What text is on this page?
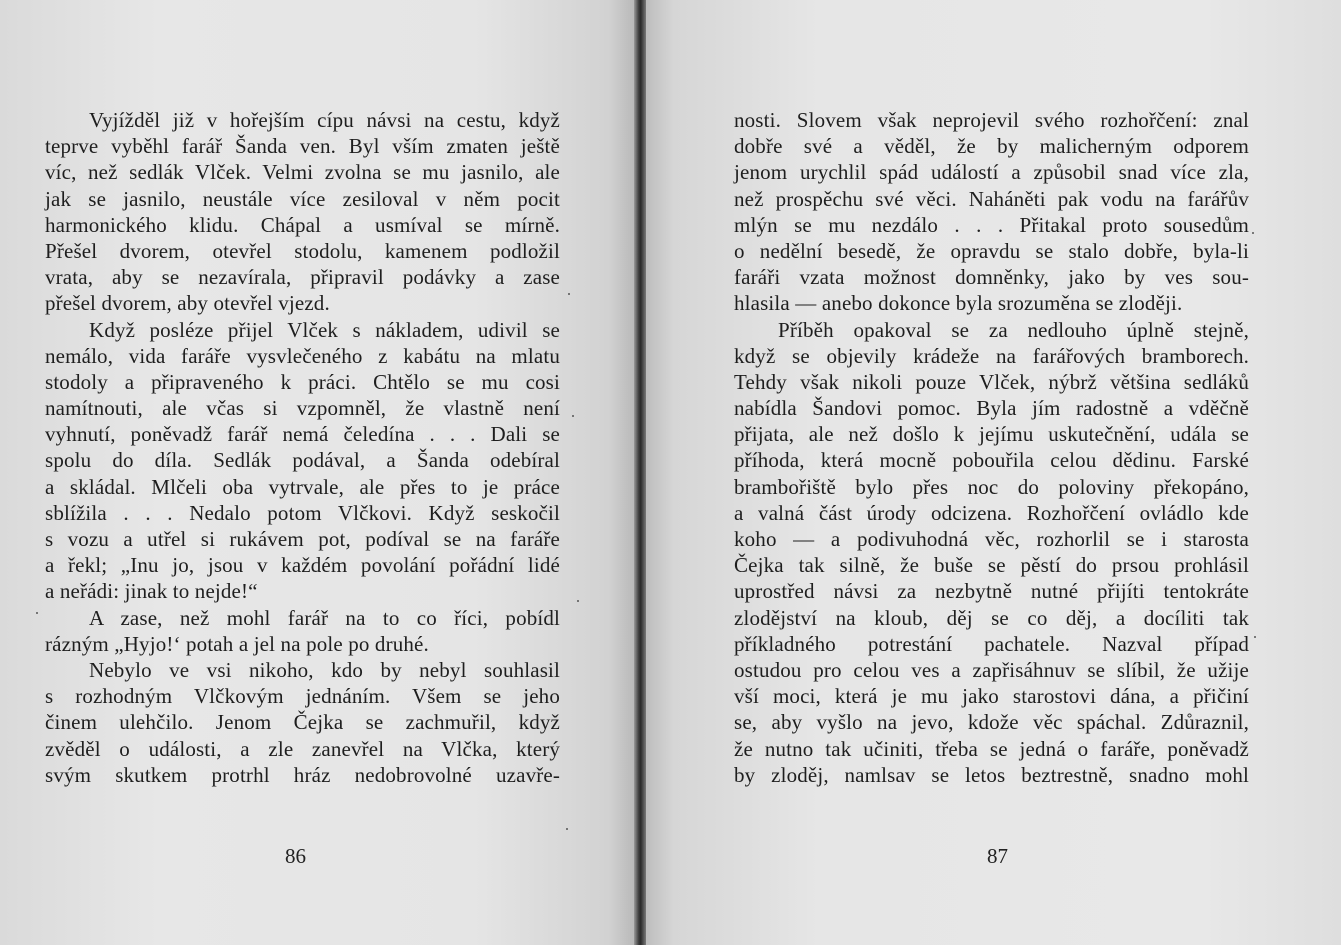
Vyjížděl již v hořejším cípu návsi na cestu, když
teprve vyběhl farář Šanda ven. Byl vším zmaten ještě
víc, než sedlák Vlček. Velmi zvolna se mu jasnilo, ale
jak se jasnilo, neustále více zesiloval v něm pocit
harmonického klidu. Chápal a usmíval se mírně.
Přešel dvorem, otevřel stodolu, kamenem podložil
vrata, aby se nezavírala, připravil podávky a zase
přešel dvorem, aby otevřel vjezd.
Když posléze přijel Vlček s nákladem, udivil se
nemálo, vida faráře vysvlečeného z kabátu na mlatu
stodoly a připraveného k práci. Chtělo se mu cosi
namítnouti, ale včas si vzpomněl, že vlastně není
vyhnutí, poněvadž farář nemá čeledína . . . Dali se
spolu do díla. Sedlák podával, a Šanda odebíral
a skládal. Mlčeli oba vytrvale, ale přes to je práce
sblížila . . . Nedalo potom Vlčkovi. Když seskočil
s vozu a utřel si rukávem pot, podíval se na faráře
a řekl; „Inu jo, jsou v každém povolání pořádní lidé
a neřádi: jinak to nejde!“
A zase, než mohl farář na to co říci, pobídl
rázným „Hyjo!‘ potah a jel na pole po druhé.
Nebylo ve vsi nikoho, kdo by nebyl souhlasil
s rozhodným Vlčkovým jednáním. Všem se jeho
činem ulehčilo. Jenom Čejka se zachmuřil, když
zvěděl o události, a zle zanevřel na Vlčka, který
svým skutkem protrhl hráz nedobrovolné uzavře-
86
nosti. Slovem však neprojevil svého rozhořčení: znal
dobře své a věděl, že by malicherným odporem
jenom urychlil spád událostí a způsobil snad více zla,
než prospěchu své věci. Naháněti pak vodu na farářův
mlýn se mu nezdálo . . . Přitakal proto sousedům
o nedělní besedě, že opravdu se stalo dobře, byla-li
faráři vzata možnost domněnky, jako by ves sou-
hlasila — anebo dokonce byla srozuměna se zloději.
Příběh opakoval se za nedlouho úplně stejně,
když se objevily krádeže na farářových bramborech.
Tehdy však nikoli pouze Vlček, nýbrž většina sedláků
nabídla Šandovi pomoc. Byla jím radostně a vděčně
přijata, ale než došlo k jejímu uskutečnění, udála se
příhoda, která mocně pobouřila celou dědinu. Farské
brambořiště bylo přes noc do poloviny překopáno,
a valná část úrody odcizena. Rozhořčení ovládlo kde
koho — a podivuhodná věc, rozhorlil se i starosta
Čejka tak silně, že buše se pěstí do prsou prohlásil
uprostřed návsi za nezbytně nutné přijíti tentokráte
zlodějství na kloub, děj se co děj, a docíliti tak
příkladného potrestání pachatele. Nazval případ
ostudou pro celou ves a zapřisáhnuv se slíbil, že užije
vší moci, která je mu jako starostovi dána, a přičiní
se, aby vyšlo na jevo, kdože věc spáchal. Zdůraznil,
že nutno tak učiniti, třeba se jedná o faráře, poněvadž
by zloděj, namlsav se letos beztrestně, snadno mohl
87
